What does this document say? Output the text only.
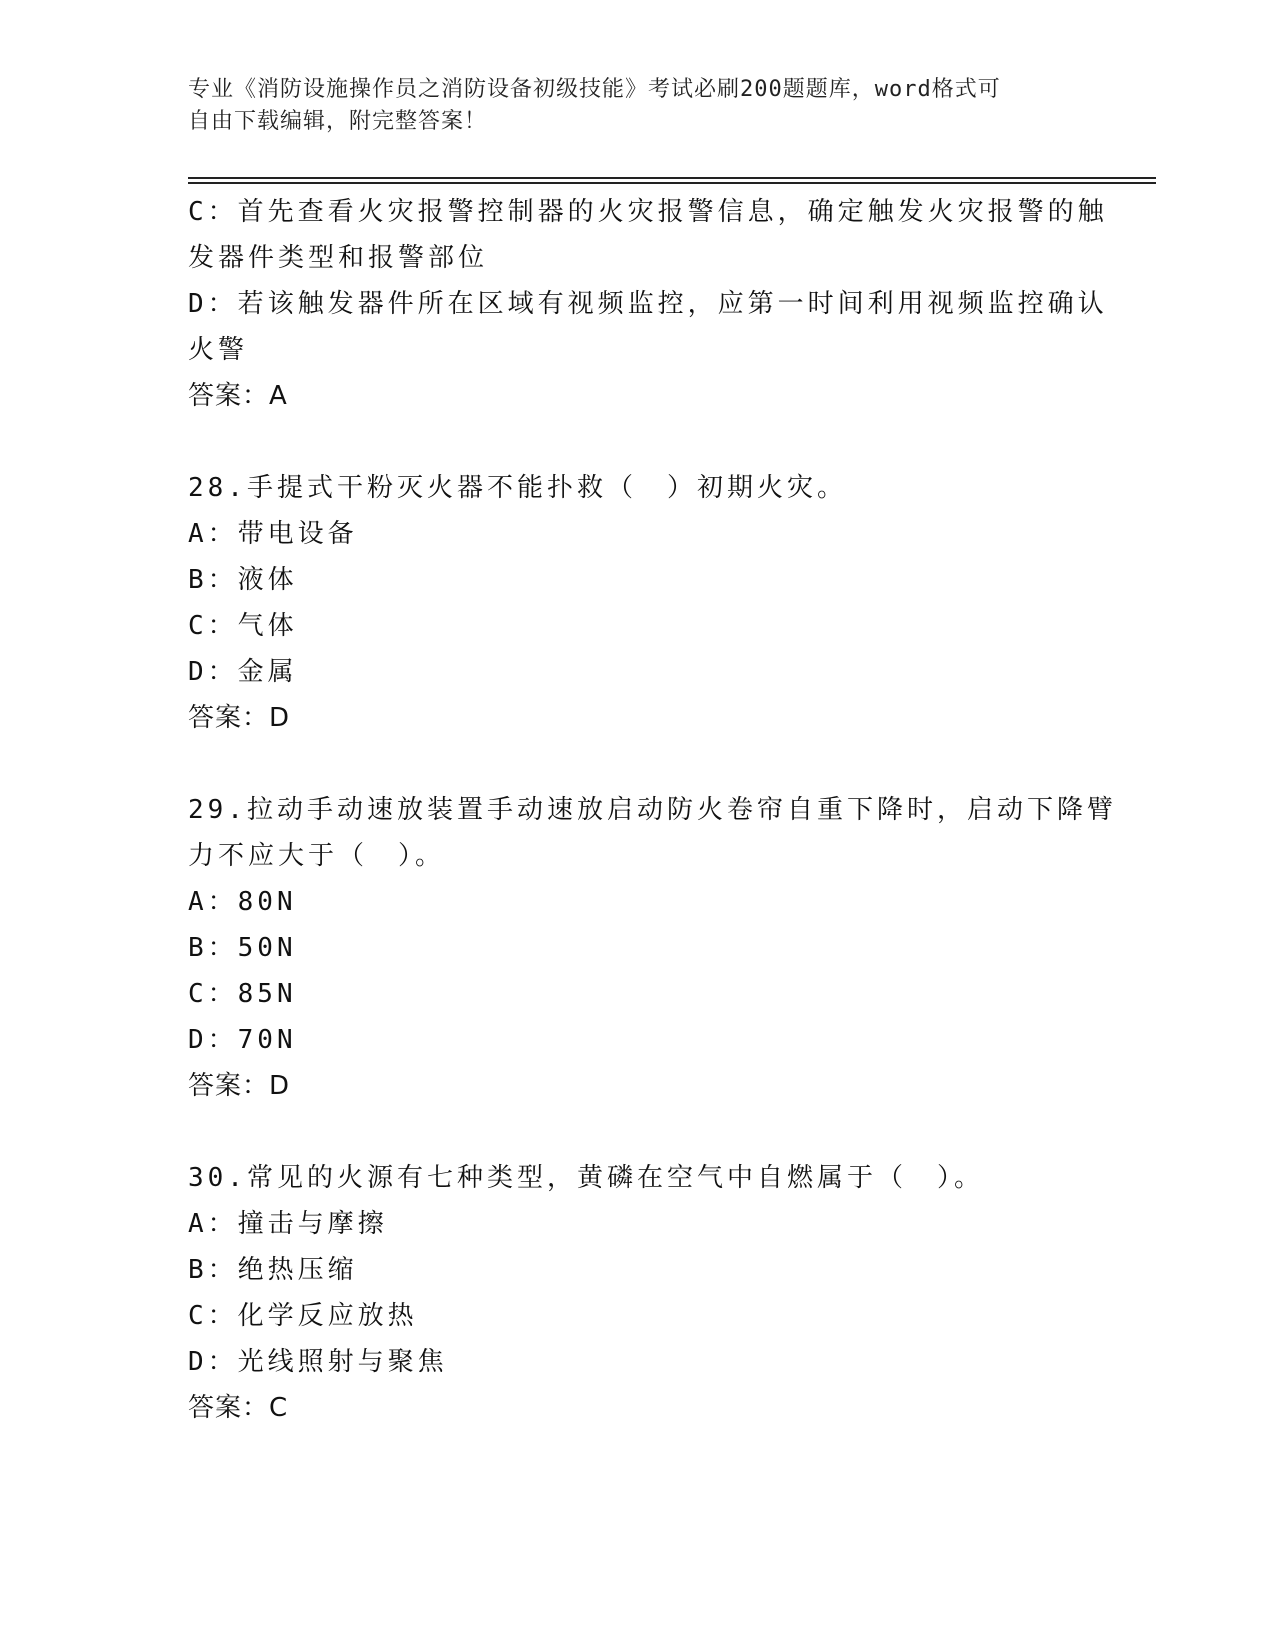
专业《消防设施操作员之消防设备初级技能》考试必刷200题题库，word格式可
自由下载编辑，附完整答案！
C：首先查看火灾报警控制器的火灾报警信息，确定触发火灾报警的触
发器件类型和报警部位
D：若该触发器件所在区域有视频监控，应第一时间利用视频监控确认
火警
答案：A
28.手提式干粉灭火器不能扑救（　）初期火灾。
A：带电设备
B：液体
C：气体
D：金属
答案：D
29.拉动手动速放装置手动速放启动防火卷帘自重下降时，启动下降臂
力不应大于（　）。
A：80N
B：50N
C：85N
D：70N
答案：D
30.常见的火源有七种类型，黄磷在空气中自燃属于（　）。
A：撞击与摩擦
B：绝热压缩
C：化学反应放热
D：光线照射与聚焦
答案：C
